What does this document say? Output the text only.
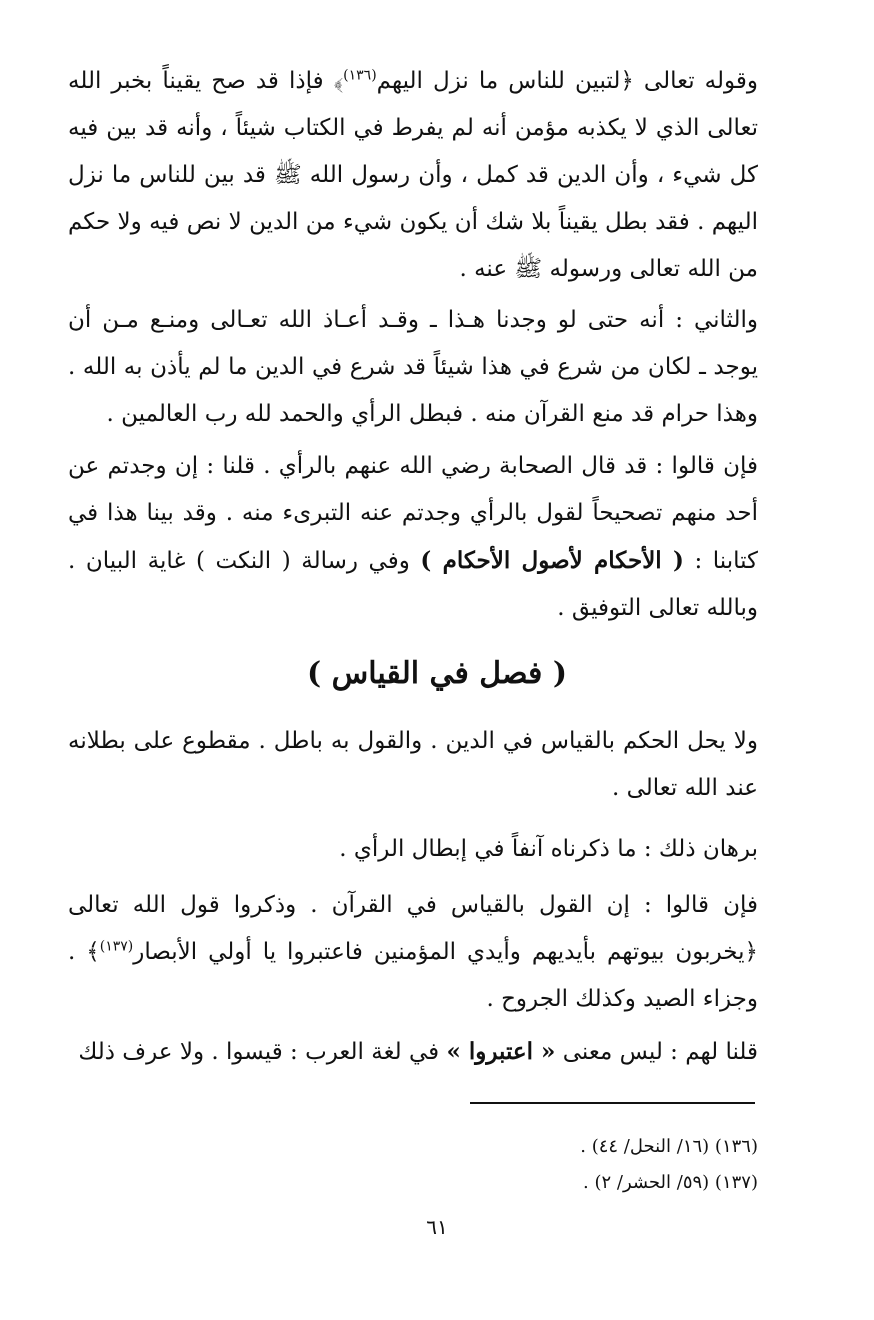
وقوله تعالى ﴿لتبين للناس ما نزل اليهم$^{(١٣٦)}$﴾ فإذا قد صح يقيناً بخبر الله تعالى الذي لا يكذبه مؤمن أنه لم يفرط في الكتاب شيئاً ، وأنه قد بين فيه كل شيء ، وأن الدين قد كمل ، وأن رسول الله ﷺ قد بين للناس ما نزل اليهم . فقد بطل يقيناً بلا شك أن يكون شيء من الدين لا نص فيه ولا حكم من الله تعالى ورسوله ﷺ عنه .

والثاني : أنه حتى لو وجدنا هـذا ـ وقـد أعـاذ الله تعـالى ومنـع مـن أن يوجد ـ لكان من شرع في هذا شيئاً قد شرع في الدين ما لم يأذن به الله . وهذا حرام قد منع القرآن منه . فبطل الرأي والحمد لله رب العالمين .

فإن قالوا : قد قال الصحابة رضي الله عنهم بالرأي . قلنا : إن وجدتم عن أحد منهم تصحيحاً لقول بالرأي وجدتم عنه التبرىء منه . وقد بينا هذا في كتابنا : ( الأحكام لأصول الأحكام ) وفي رسالة ( النكت ) غاية البيان . وبالله تعالى التوفيق .

( فصل في القياس )

ولا يحل الحكم بالقياس في الدين . والقول به باطل . مقطوع على بطلانه عند الله تعالى .

برهان ذلك : ما ذكرناه آنفاً في إبطال الرأي .

فإن قالوا : إن القول بالقياس في القرآن . وذكروا قول الله تعالى ﴿يخربون بيوتهم بأيديهم وأيدي المؤمنين فاعتبروا يا أولي الأبصار$^{(١٣٧)}$﴾ . وجزاء الصيد وكذلك الجروح .

قلنا لهم : ليس معنى « اعتبروا » في لغة العرب : قيسوا . ولا عرف ذلك

(١٣٦) (١٦/ النحل/ ٤٤) .

(١٣٧) (٥٩/ الحشر/ ٢) .

٦١
